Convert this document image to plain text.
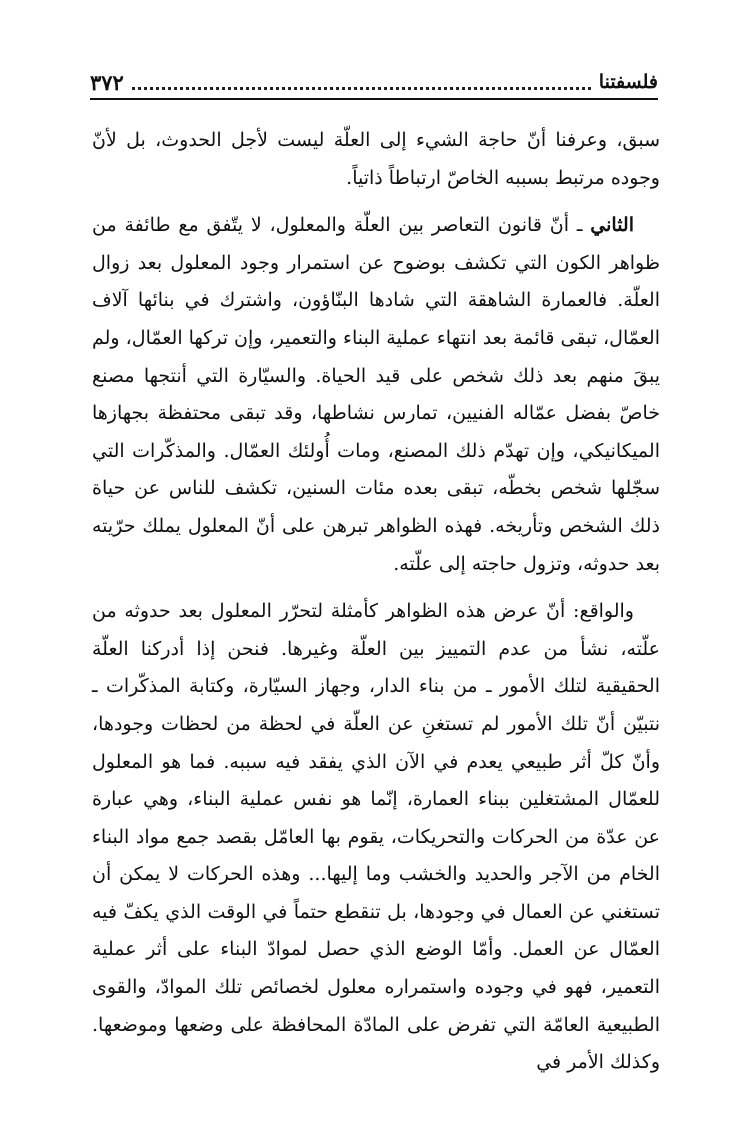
فلسفتنا
٣٧٢

سبق، وعرفنا أنّ حاجة الشيء إلى العلّة ليست لأجل الحدوث، بل لأنّ وجوده مرتبط بسببه الخاصّ ارتباطاً ذاتياً.

الثاني ـ أنّ قانون التعاصر بين العلّة والمعلول، لا يتّفق مع طائفة من ظواهر الكون التي تكشف بوضوح عن استمرار وجود المعلول بعد زوال العلّة. فالعمارة الشاهقة التي شادها البنّاؤون، واشترك في بنائها آلاف العمّال، تبقى قائمة بعد انتهاء عملية البناء والتعمير، وإن تركها العمّال، ولم يبقَ منهم بعد ذلك شخص على قيد الحياة. والسيّارة التي أنتجها مصنع خاصّ بفضل عمّاله الفنيين، تمارس نشاطها، وقد تبقى محتفظة بجهازها الميكانيكي، وإن تهدّم ذلك المصنع، ومات أُولئك العمّال. والمذكّرات التي سجّلها شخص بخطّه، تبقى بعده مئات السنين، تكشف للناس عن حياة ذلك الشخص وتأريخه. فهذه الظواهر تبرهن على أنّ المعلول يملك حرّيته بعد حدوثه، وتزول حاجته إلى علّته.

والواقع: أنّ عرض هذه الظواهر كأمثلة لتحرّر المعلول بعد حدوثه من علّته، نشأ من عدم التمييز بين العلّة وغيرها. فنحن إذا أدركنا العلّة الحقيقية لتلك الأمور ـ من بناء الدار، وجهاز السيّارة، وكتابة المذكّرات ـ نتبيّن أنّ تلك الأمور لم تستغنِ عن العلّة في لحظة من لحظات وجودها، وأنّ كلّ أثر طبيعي يعدم في الآن الذي يفقد فيه سببه. فما هو المعلول للعمّال المشتغلين ببناء العمارة، إنّما هو نفس عملية البناء، وهي عبارة عن عدّة من الحركات والتحريكات، يقوم بها العامّل بقصد جمع مواد البناء الخام من الآجر والحديد والخشب وما إليها... وهذه الحركات لا يمكن أن تستغني عن العمال في وجودها، بل تنقطع حتماً في الوقت الذي يكفّ فيه العمّال عن العمل. وأمّا الوضع الذي حصل لموادّ البناء على أثر عملية التعمير، فهو في وجوده واستمراره معلول لخصائص تلك الموادّ، والقوى الطبيعية العامّة التي تفرض على المادّة المحافظة على وضعها وموضعها. وكذلك الأمر في
